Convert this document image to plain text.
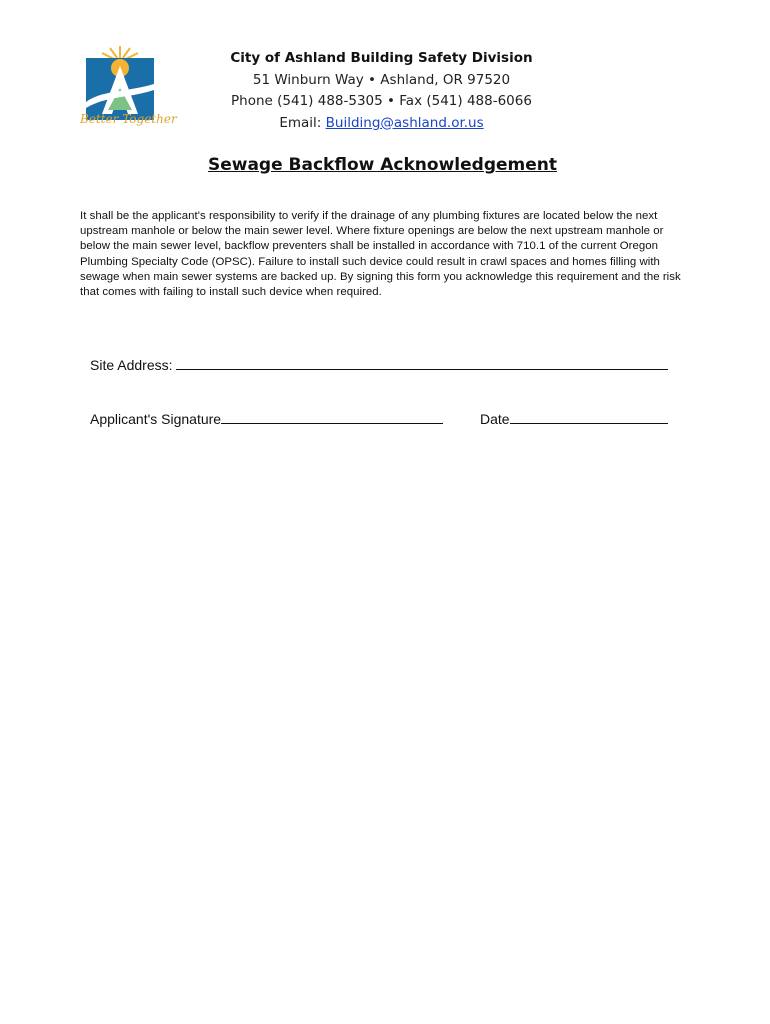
Better Together
City of Ashland Building Safety Division
51 Winburn Way • Ashland, OR 97520
Phone (541) 488-5305 • Fax (541) 488-6066
Email: Building@ashland.or.us
Sewage Backflow Acknowledgement
It shall be the applicant's responsibility to verify if the drainage of any plumbing fixtures are located below the next upstream manhole or below the main sewer level. Where fixture openings are below the next upstream manhole or below the main sewer level, backflow preventers shall be installed in accordance with 710.1 of the current Oregon Plumbing Specialty Code (OPSC). Failure to install such device could result in crawl spaces and homes filling with sewage when main sewer systems are backed up. By signing this form you acknowledge this requirement and the risk that comes with failing to install such device when required.
Site Address:
Applicant's Signature	Date
